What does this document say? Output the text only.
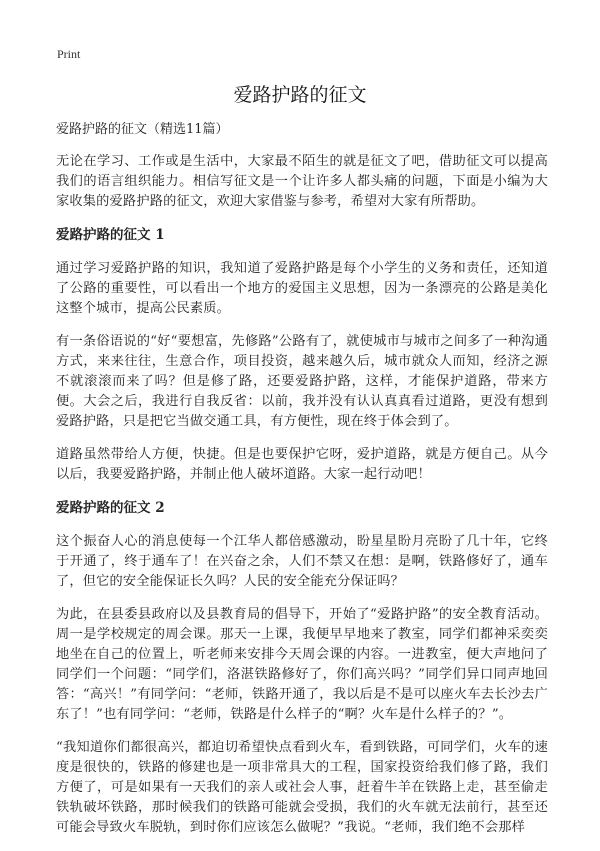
Print
爱路护路的征文

爱路护路的征文（精选11篇）

无论在学习、工作或是生活中，大家最不陌生的就是征文了吧，借助征文可以提高我们的语言组织能力。相信写征文是一个让许多人都头痛的问题，下面是小编为大家收集的爱路护路的征文，欢迎大家借鉴与参考，希望对大家有所帮助。

爱路护路的征文 1

通过学习爱路护路的知识，我知道了爱路护路是每个小学生的义务和责任，还知道了公路的重要性，可以看出一个地方的爱国主义思想，因为一条漂亮的公路是美化这整个城市，提高公民素质。

有一条俗语说的“好“要想富，先修路”公路有了，就使城市与城市之间多了一种沟通方式，来来往往，生意合作，项目投资，越来越久后，城市就众人而知，经济之源不就滚滚而来了吗？但是修了路，还要爱路护路，这样，才能保护道路，带来方便。大会之后，我进行自我反省：以前，我并没有认认真真看过道路，更没有想到爱路护路，只是把它当做交通工具，有方便性，现在终于体会到了。

道路虽然带给人方便，快捷。但是也要保护它呀，爱护道路，就是方便自己。从今以后，我要爱路护路，并制止他人破坏道路。大家一起行动吧！

爱路护路的征文 2

这个振奋人心的消息使每一个江华人都倍感激动，盼星星盼月亮盼了几十年，它终于开通了，终于通车了！在兴奋之余，人们不禁又在想：是啊，铁路修好了，通车了，但它的安全能保证长久吗？人民的安全能充分保证吗？

为此，在县委县政府以及县教育局的倡导下，开始了“爱路护路”的安全教育活动。周一是学校规定的周会课。那天一上课，我便早早地来了教室，同学们都神采奕奕地坐在自己的位置上，听老师来安排今天周会课的内容。一进教室，便大声地问了同学们一个问题：“同学们，洛湛铁路修好了，你们高兴吗？”同学们异口同声地回答：“高兴！”有同学问：“老师，铁路开通了，我以后是不是可以座火车去长沙去广东了！”也有同学问：“老师，铁路是什么样子的“啊？火车是什么样子的？”。

“我知道你们都很高兴，都迫切希望快点看到火车，看到铁路，可同学们，火车的速度是很快的，铁路的修建也是一项非常具大的工程，国家投资给我们修了路，我们方便了，可是如果有一天我们的亲人或社会人事，赶着牛羊在铁路上走，甚至偷走铁轨破坏铁路，那时候我们的铁路可能就会受损，我们的火车就无法前行，甚至还可能会导致火车脱轨，到时你们应该怎么做呢？”我说。“老师，我们绝不会那样
